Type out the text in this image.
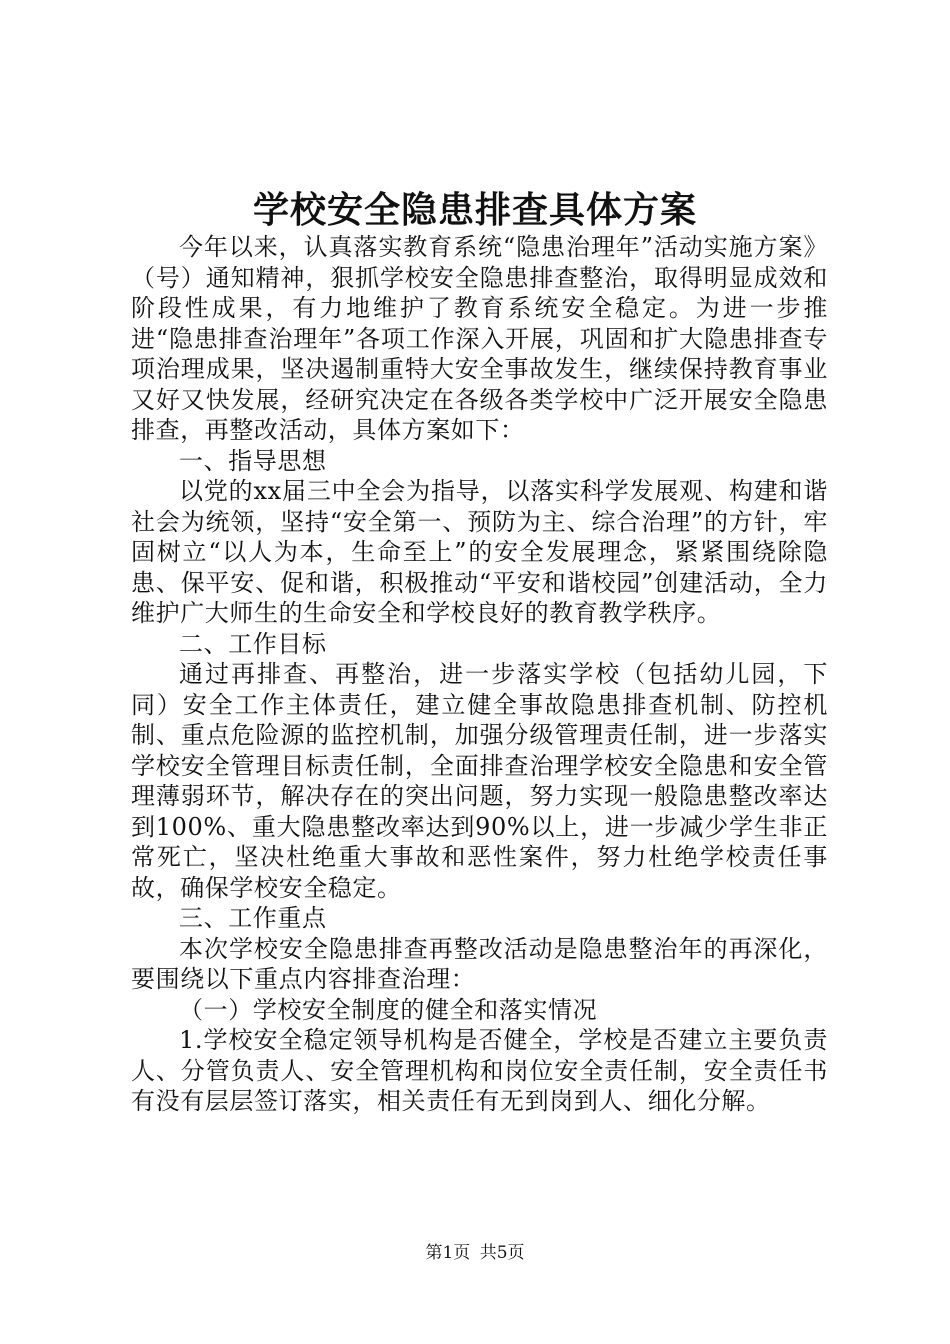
学校安全隐患排查具体方案

今年以来，认真落实教育系统“隐患治理年”活动实施方案》（号）通知精神，狠抓学校安全隐患排查整治，取得明显成效和阶段性成果，有力地维护了教育系统安全稳定。为进一步推进“隐患排查治理年”各项工作深入开展，巩固和扩大隐患排查专项治理成果，坚决遏制重特大安全事故发生，继续保持教育事业又好又快发展，经研究决定在各级各类学校中广泛开展安全隐患排查，再整改活动，具体方案如下：

一、指导思想

以党的xx届三中全会为指导，以落实科学发展观、构建和谐社会为统领，坚持“安全第一、预防为主、综合治理”的方针，牢固树立“以人为本，生命至上”的安全发展理念，紧紧围绕除隐患、保平安、促和谐，积极推动“平安和谐校园”创建活动，全力维护广大师生的生命安全和学校良好的教育教学秩序。

二、工作目标

通过再排查、再整治，进一步落实学校（包括幼儿园，下同）安全工作主体责任，建立健全事故隐患排查机制、防控机制、重点危险源的监控机制，加强分级管理责任制，进一步落实学校安全管理目标责任制，全面排查治理学校安全隐患和安全管理薄弱环节，解决存在的突出问题，努力实现一般隐患整改率达到100%、重大隐患整改率达到90%以上，进一步减少学生非正常死亡，坚决杜绝重大事故和恶性案件，努力杜绝学校责任事故，确保学校安全稳定。

三、工作重点

本次学校安全隐患排查再整改活动是隐患整治年的再深化，要围绕以下重点内容排查治理：

（一）学校安全制度的健全和落实情况

1.学校安全稳定领导机构是否健全，学校是否建立主要负责人、分管负责人、安全管理机构和岗位安全责任制，安全责任书有没有层层签订落实，相关责任有无到岗到人、细化分解。

第1页 共5页
